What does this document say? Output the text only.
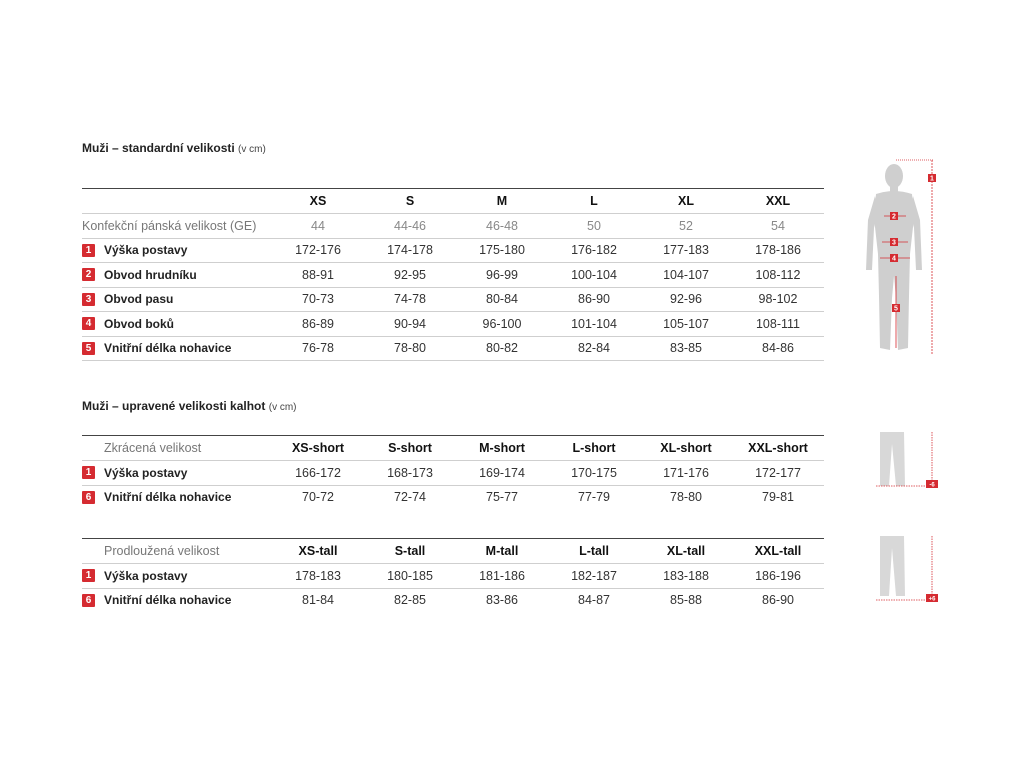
Muži – standardní velikosti (v cm)
XS	S	M	L	XL	XXL
Konfekční pánská velikost (GE)	44	44-46	46-48	50	52	54
1	Výška postavy	172-176	174-178	175-180	176-182	177-183	178-186
2	Obvod hrudníku	88-91	92-95	96-99	100-104	104-107	108-112
3	Obvod pasu	70-73	74-78	80-84	86-90	92-96	98-102
4	Obvod boků	86-89	90-94	96-100	101-104	105-107	108-111
5	Vnitřní délka nohavice	76-78	78-80	80-82	82-84	83-85	84-86
1
2
3
4
5
Muži – upravené velikosti kalhot (v cm)
Zkrácená velikost	XS-short	S-short	M-short	L-short	XL-short	XXL-short
1	Výška postavy	166-172	168-173	169-174	170-175	171-176	172-177
6	Vnitřní délka nohavice	70-72	72-74	75-77	77-79	78-80	79-81
-6
Prodloužená velikost	XS-tall	S-tall	M-tall	L-tall	XL-tall	XXL-tall
1	Výška postavy	178-183	180-185	181-186	182-187	183-188	186-196
6	Vnitřní délka nohavice	81-84	82-85	83-86	84-87	85-88	86-90	+6
